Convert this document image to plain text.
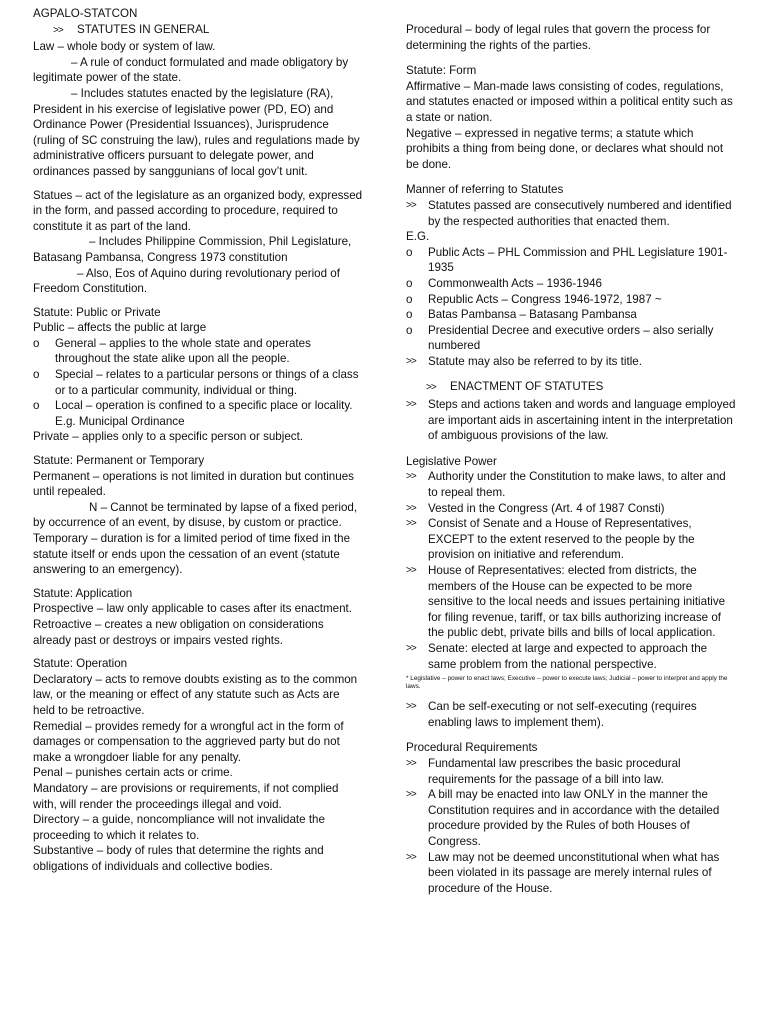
AGPALO-STATCON

>> STATUTES IN GENERAL

Law – whole body or system of law.

– A rule of conduct formulated and made obligatory by legitimate power of the state.

– Includes statutes enacted by the legislature (RA), President in his exercise of legislative power (PD, EO) and Ordinance Power (Presidential Issuances), Jurisprudence (ruling of SC construing the law), rules and regulations made by administrative officers pursuant to delegate power, and ordinances passed by sanggunians of local gov’t unit.

Statues – act of the legislature as an organized body, expressed in the form, and passed according to procedure, required to constitute it as part of the land.

– Includes Philippine Commission, Phil Legislature, Batasang Pambansa, Congress 1973 constitution

– Also, Eos of Aquino during revolutionary period of Freedom Constitution.

Statute: Public or Private

Public – affects the public at large

o	General – applies to the whole state and operates throughout the state alike upon all the people.

o	Special – relates to a particular persons or things of a class or to a particular community, individual or thing.

o	Local – operation is confined to a specific place or locality. E.g. Municipal Ordinance

Private – applies only to a specific person or subject.

Statute: Permanent or Temporary

Permanent – operations is not limited in duration but continues until repealed.

N – Cannot be terminated by lapse of a fixed period, by occurrence of an event, by disuse, by custom or practice.

Temporary – duration is for a limited period of time fixed in the statute itself or ends upon the cessation of an event (statute answering to an emergency).

Statute: Application

Prospective – law only applicable to cases after its enactment.

Retroactive – creates a new obligation on considerations already past or destroys or impairs vested rights.

Statute: Operation

Declaratory – acts to remove doubts existing as to the common law, or the meaning or effect of any statute such as Acts are held to be retroactive.

Remedial – provides remedy for a wrongful act in the form of damages or compensation to the aggrieved party but do not make a wrongdoer liable for any penalty.

Penal – punishes certain acts or crime.

Mandatory – are provisions or requirements, if not complied with, will render the proceedings illegal and void.

Directory – a guide, noncompliance will not invalidate the proceeding to which it relates to.

Substantive – body of rules that determine the rights and obligations of individuals and collective bodies.

Procedural – body of legal rules that govern the process for determining the rights of the parties.

Statute: Form

Affirmative – Man-made laws consisting of codes, regulations, and statutes enacted or imposed within a political entity such as a state or nation.

Negative – expressed in negative terms; a statute which prohibits a thing from being done, or declares what should not be done.

Manner of referring to Statutes

>>	Statutes passed are consecutively numbered and identified by the respected authorities that enacted them.

E.G.

o	Public Acts – PHL Commission and PHL Legislature 1901-1935

o	Commonwealth Acts – 1936-1946

o	Republic Acts – Congress 1946-1972, 1987 ~

o	Batas Pambansa – Batasang Pambansa

o	Presidential Decree and executive orders – also serially numbered

>>	Statute may also be referred to by its title.

>> ENACTMENT OF STATUTES

>>	Steps and actions taken and words and language employed are important aids in ascertaining intent in the interpretation of ambiguous provisions of the law.

Legislative Power

>>	Authority under the Constitution to make laws, to alter and to repeal them.

>>	Vested in the Congress (Art. 4 of 1987 Consti)

>>	Consist of Senate and a House of Representatives, EXCEPT to the extent reserved to the people by the provision on initiative and referendum.

>>	House of Representatives: elected from districts, the members of the House can be expected to be more sensitive to the local needs and issues pertaining initiative for filing revenue, tariff, or tax bills authorizing increase of the public debt, private bills and bills of local application.

>>	Senate: elected at large and expected to approach the same problem from the national perspective.

* Legislative – power to enact laws; Executive – power to execute laws; Judicial – power to interpret and apply the laws.

>>	Can be self-executing or not self-executing (requires enabling laws to implement them).

Procedural Requirements

>>	Fundamental law prescribes the basic procedural requirements for the passage of a bill into law.

>>	A bill may be enacted into law ONLY in the manner the Constitution requires and in accordance with the detailed procedure provided by the Rules of both Houses of Congress.

>>	Law may not be deemed unconstitutional when what has been violated in its passage are merely internal rules of procedure of the House.
